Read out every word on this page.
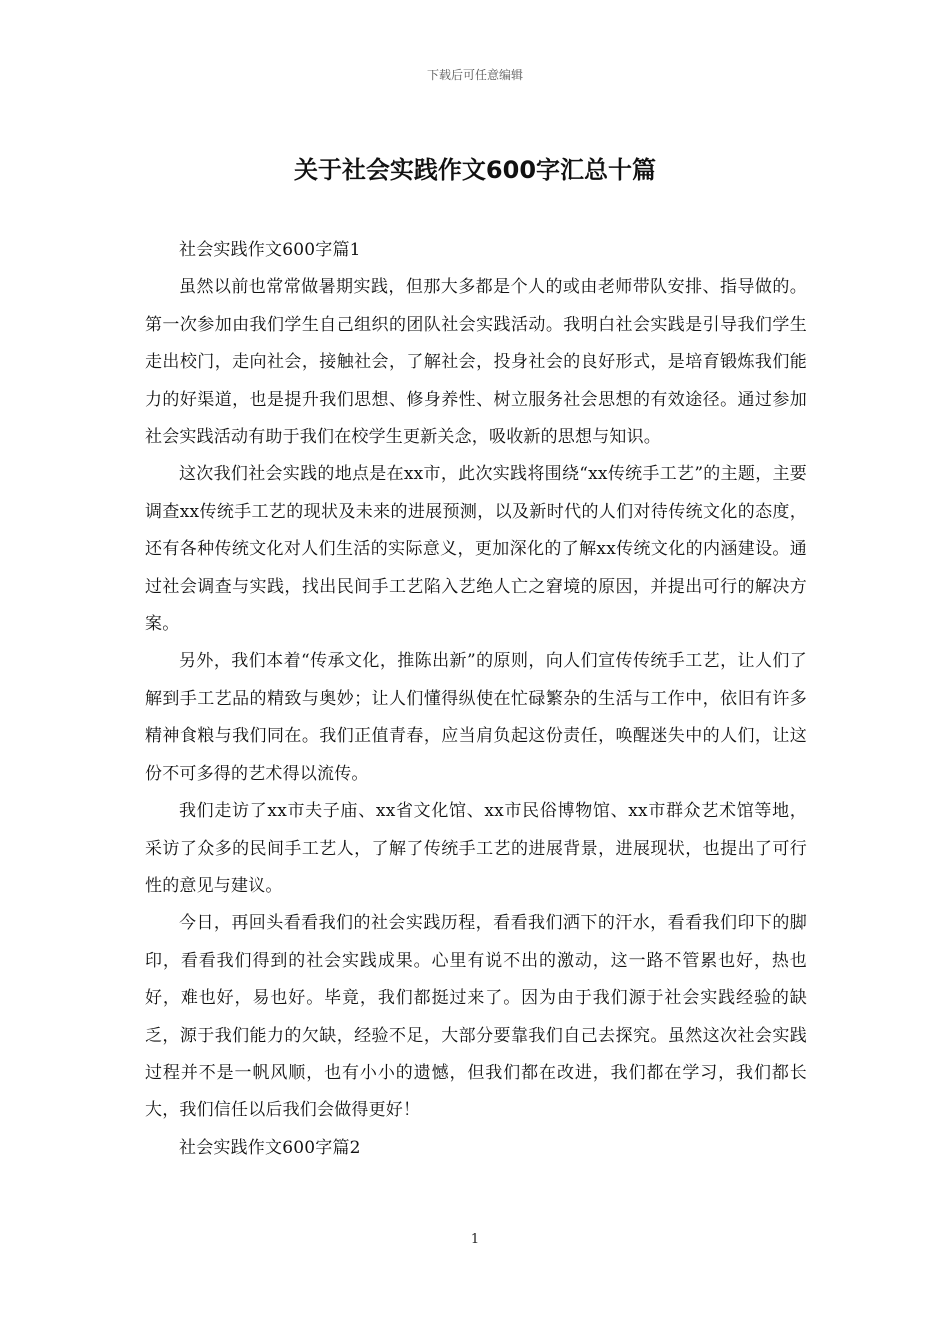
下载后可任意编辑
关于社会实践作文600字汇总十篇

社会实践作文600字篇1

虽然以前也常常做暑期实践，但那大多都是个人的或由老师带队安排、指导做的。第一次参加由我们学生自己组织的团队社会实践活动。我明白社会实践是引导我们学生走出校门，走向社会，接触社会，了解社会，投身社会的良好形式，是培育锻炼我们能力的好渠道，也是提升我们思想、修身养性、树立服务社会思想的有效途径。通过参加社会实践活动有助于我们在校学生更新关念，吸收新的思想与知识。

这次我们社会实践的地点是在xx市，此次实践将围绕“xx传统手工艺”的主题，主要调查xx传统手工艺的现状及未来的进展预测，以及新时代的人们对待传统文化的态度，还有各种传统文化对人们生活的实际意义，更加深化的了解xx传统文化的内涵建设。通过社会调查与实践，找出民间手工艺陷入艺绝人亡之窘境的原因，并提出可行的解决方案。

另外，我们本着“传承文化，推陈出新”的原则，向人们宣传传统手工艺，让人们了解到手工艺品的精致与奥妙；让人们懂得纵使在忙碌繁杂的生活与工作中，依旧有许多精神食粮与我们同在。我们正值青春，应当肩负起这份责任，唤醒迷失中的人们，让这份不可多得的艺术得以流传。

我们走访了xx市夫子庙、xx省文化馆、xx市民俗博物馆、xx市群众艺术馆等地，采访了众多的民间手工艺人，了解了传统手工艺的进展背景，进展现状，也提出了可行性的意见与建议。

今日，再回头看看我们的社会实践历程，看看我们洒下的汗水，看看我们印下的脚印，看看我们得到的社会实践成果。心里有说不出的激动，这一路不管累也好，热也好，难也好，易也好。毕竟，我们都挺过来了。因为由于我们源于社会实践经验的缺乏，源于我们能力的欠缺，经验不足，大部分要靠我们自己去探究。虽然这次社会实践过程并不是一帆风顺，也有小小的遗憾，但我们都在改进，我们都在学习，我们都长大，我们信任以后我们会做得更好！

社会实践作文600字篇2

1
